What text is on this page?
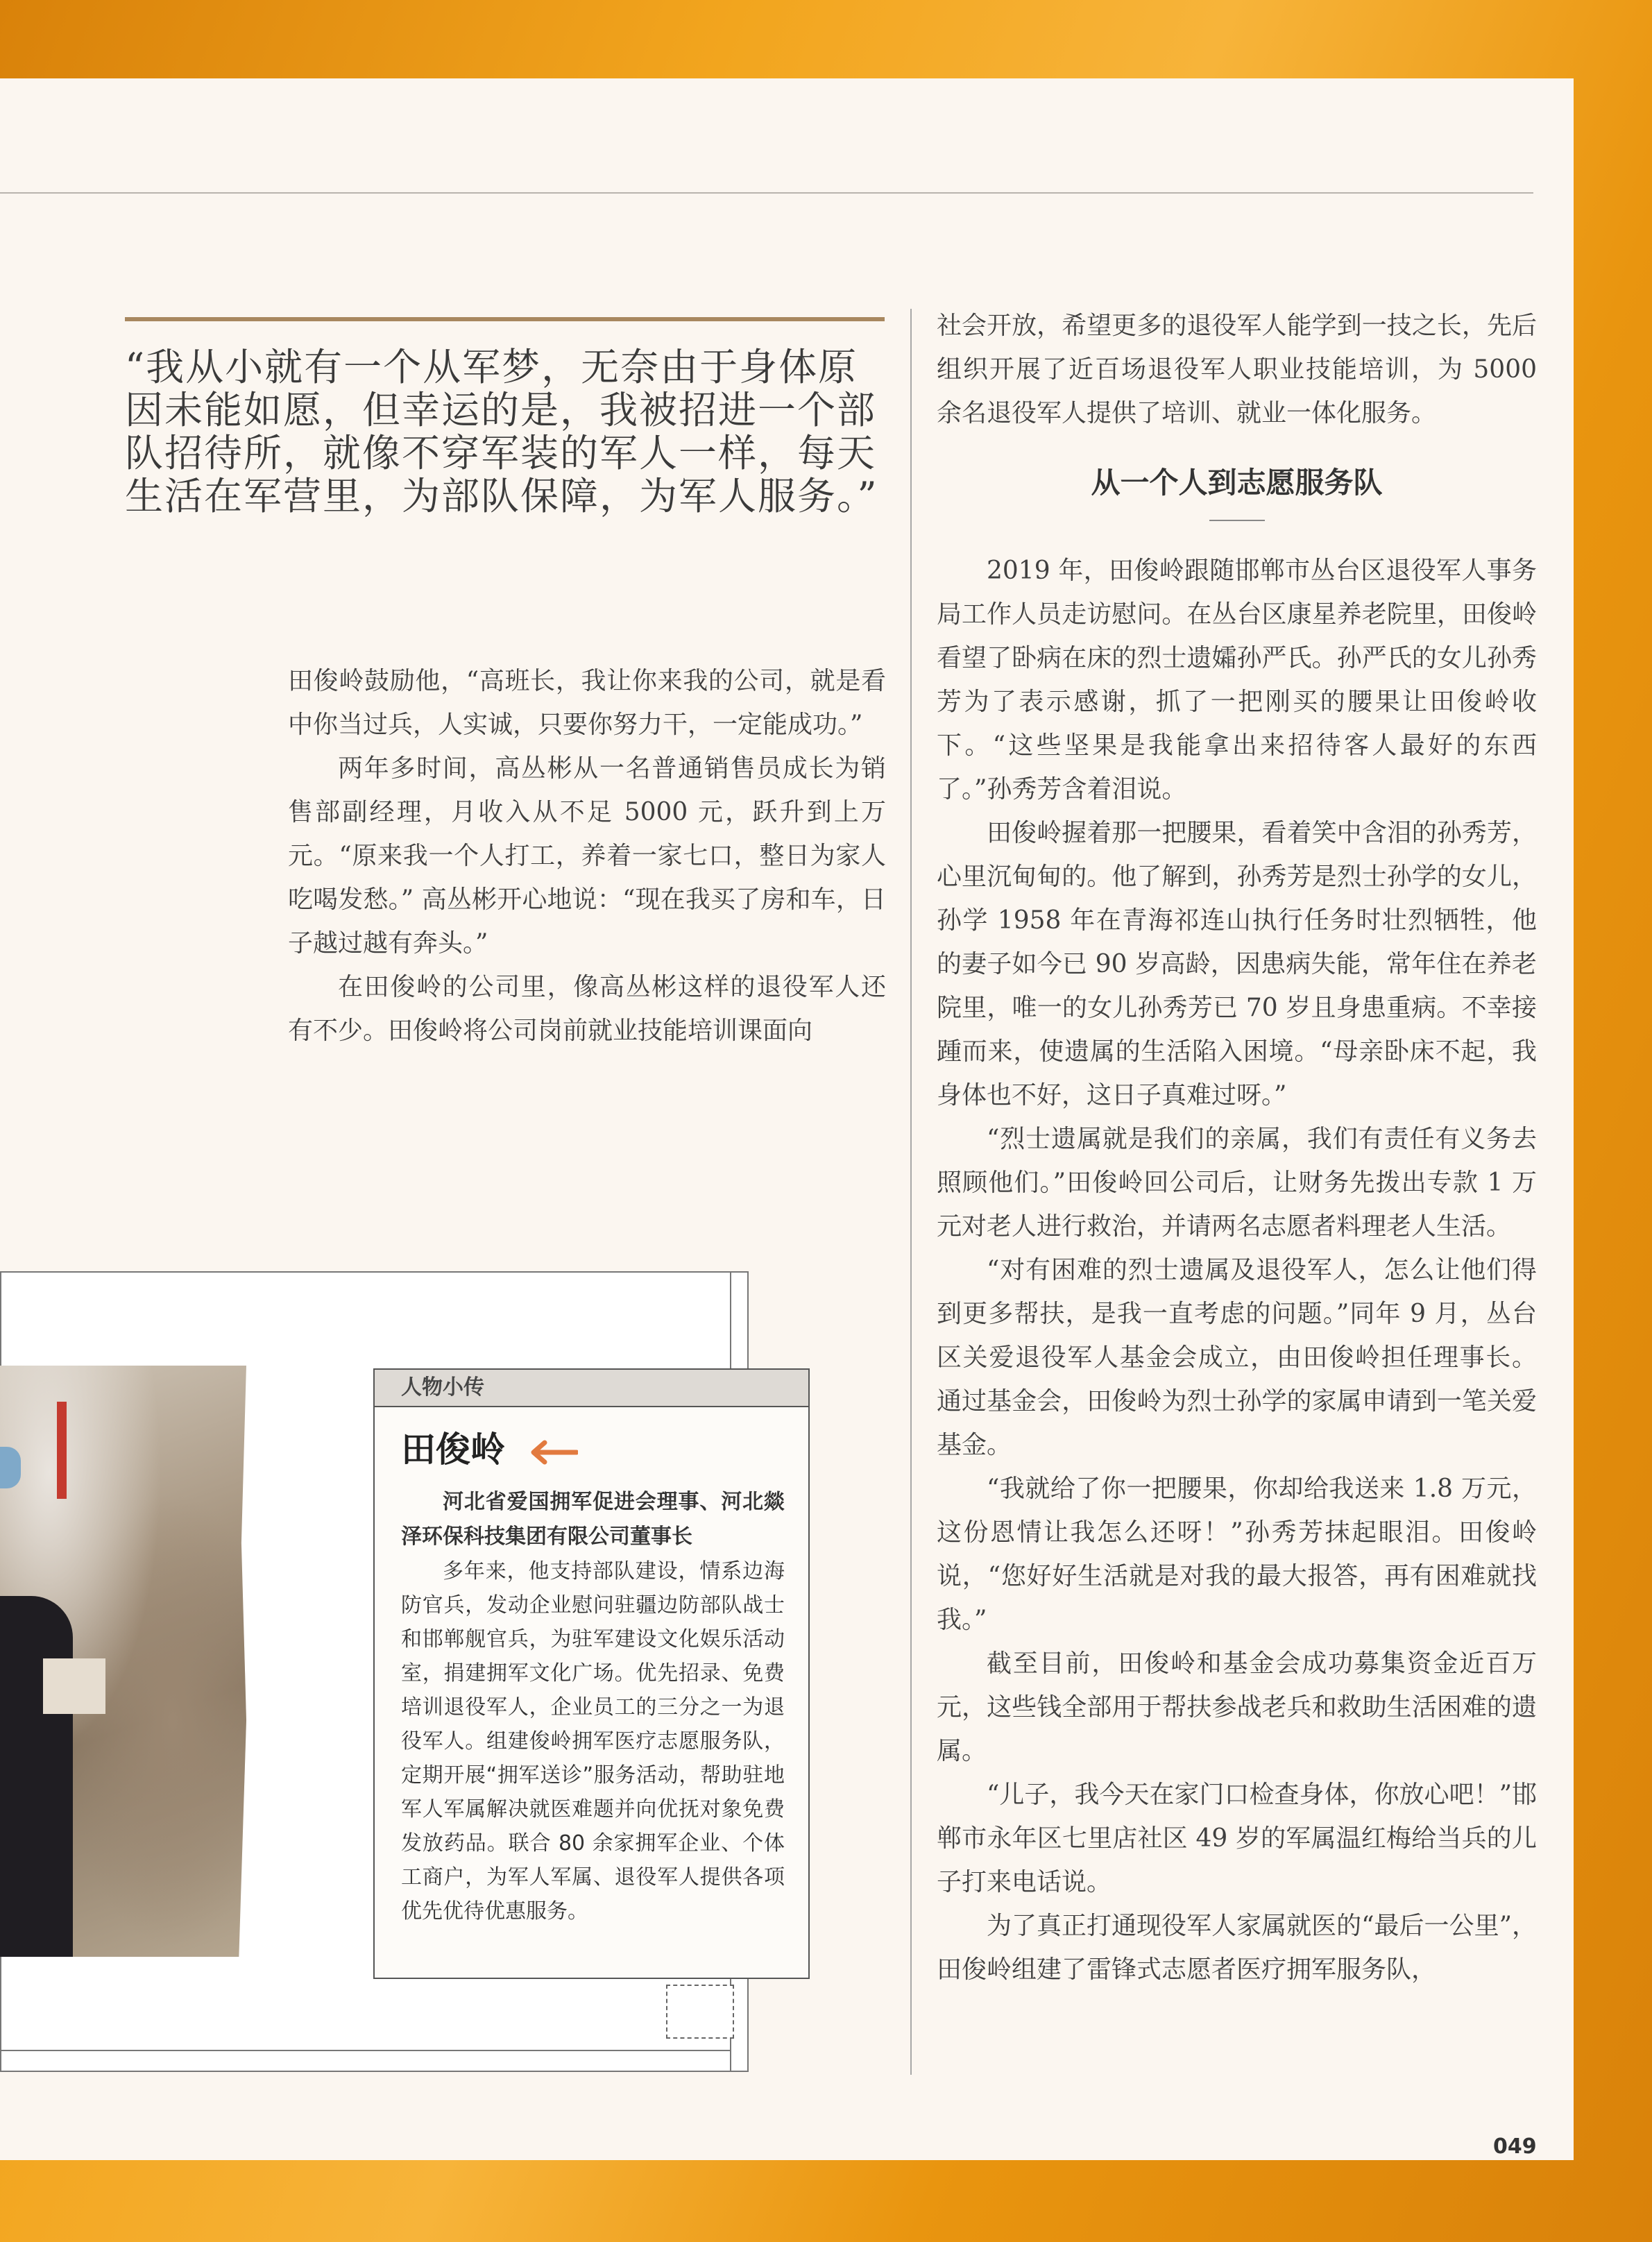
“我从小就有一个从军梦，无奈由于身体原因未能如愿，但幸运的是，我被招进一个部队招待所，就像不穿军装的军人一样，每天生活在军营里，为部队保障，为军人服务。”

田俊岭鼓励他，“高班长，我让你来我的公司，就是看中你当过兵，人实诚，只要你努力干，一定能成功。”

两年多时间，高丛彬从一名普通销售员成长为销售部副经理，月收入从不足 5000 元，跃升到上万元。“原来我一个人打工，养着一家七口，整日为家人吃喝发愁。” 高丛彬开心地说：“现在我买了房和车，日子越过越有奔头。”

在田俊岭的公司里，像高丛彬这样的退役军人还有不少。田俊岭将公司岗前就业技能培训课面向

社会开放，希望更多的退役军人能学到一技之长，先后组织开展了近百场退役军人职业技能培训，为 5000 余名退役军人提供了培训、就业一体化服务。

从一个人到志愿服务队

2019 年，田俊岭跟随邯郸市丛台区退役军人事务局工作人员走访慰问。在丛台区康星养老院里，田俊岭看望了卧病在床的烈士遗孀孙严氏。孙严氏的女儿孙秀芳为了表示感谢，抓了一把刚买的腰果让田俊岭收下。“这些坚果是我能拿出来招待客人最好的东西了。”孙秀芳含着泪说。

田俊岭握着那一把腰果，看着笑中含泪的孙秀芳，心里沉甸甸的。他了解到，孙秀芳是烈士孙学的女儿，孙学 1958 年在青海祁连山执行任务时壮烈牺牲，他的妻子如今已 90 岁高龄，因患病失能，常年住在养老院里，唯一的女儿孙秀芳已 70 岁且身患重病。不幸接踵而来，使遗属的生活陷入困境。“母亲卧床不起，我身体也不好，这日子真难过呀。”

“烈士遗属就是我们的亲属，我们有责任有义务去照顾他们。”田俊岭回公司后，让财务先拨出专款 1 万元对老人进行救治，并请两名志愿者料理老人生活。

“对有困难的烈士遗属及退役军人，怎么让他们得到更多帮扶，是我一直考虑的问题。”同年 9 月，丛台区关爱退役军人基金会成立，由田俊岭担任理事长。 通过基金会，田俊岭为烈士孙学的家属申请到一笔关爱基金。

“我就给了你一把腰果，你却给我送来 1.8 万元，这份恩情让我怎么还呀！”孙秀芳抹起眼泪。田俊岭说，“您好好生活就是对我的最大报答，再有困难就找我。”

截至目前，田俊岭和基金会成功募集资金近百万元，这些钱全部用于帮扶参战老兵和救助生活困难的遗属。

“儿子，我今天在家门口检查身体，你放心吧！”邯郸市永年区七里店社区 49 岁的军属温红梅给当兵的儿子打来电话说。

为了真正打通现役军人家属就医的“最后一公里”，田俊岭组建了雷锋式志愿者医疗拥军服务队，

人物小传
田俊岭

河北省爱国拥军促进会理事、河北燚泽环保科技集团有限公司董事长

多年来，他支持部队建设，情系边海防官兵，发动企业慰问驻疆边防部队战士和邯郸舰官兵，为驻军建设文化娱乐活动室，捐建拥军文化广场。优先招录、免费培训退役军人，企业员工的三分之一为退役军人。组建俊岭拥军医疗志愿服务队，定期开展“拥军送诊”服务活动，帮助驻地军人军属解决就医难题并向优抚对象免费发放药品。联合 80 余家拥军企业、个体工商户，为军人军属、退役军人提供各项优先优待优惠服务。

049
